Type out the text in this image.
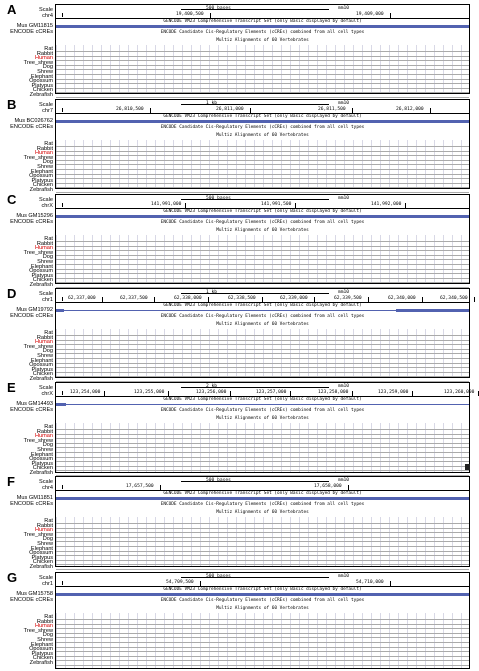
A	Scale
chr4
Mus GM11815
ENCODE cCREs
Rat
Rabbit
Human
Tree_shrew
Dog
Shrew
Elephant
Opossum
Platypus
Chicken
Zebrafish
500 bases	mm10
19,400,500	19,409,000
GENCODE VM23 Comprehensive Transcript Set (only Basic displayed by default)
ENCODE Candidate Cis-Regulatory Elements (cCREs) combined from all cell types
Multiz Alignments of 60 Vertebrates
B	Scale
chr7
Mus BC026762
ENCODE cCREs
Rat
Rabbit
Human
Tree_shrew
Dog
Shrew
Elephant
Opossum
Platypus
Chicken
Zebrafish
1 kb	mm10
26,810,500	26,811,000	26,811,500	26,812,000
GENCODE VM23 Comprehensive Transcript Set (only Basic displayed by default)
ENCODE Candidate Cis-Regulatory Elements (cCREs) combined from all cell types
Multiz Alignments of 60 Vertebrates
C	Scale
chrX
Mus GM15296
ENCODE cCREs
Rat
Rabbit
Human
Tree_shrew
Dog
Shrew
Elephant
Opossum
Platypus
Chicken
Zebrafish
500 bases	mm10
141,991,000	141,991,500	141,992,000
GENCODE VM23 Comprehensive Transcript Set (only Basic displayed by default)
ENCODE Candidate Cis-Regulatory Elements (cCREs) combined from all cell types
Multiz Alignments of 60 Vertebrates
D	Scale
chr1
Mus GM19792
ENCODE cCREs
Rat
Rabbit
Human
Tree_shrew
Dog
Shrew
Elephant
Opossum
Platypus
Chicken
Zebrafish
1 kb	mm10
62,337,000	62,337,500	62,338,000	62,338,500	62,339,000	62,339,500	62,340,000	62,340,500
GENCODE VM23 Comprehensive Transcript Set (only Basic displayed by default)
ENCODE Candidate Cis-Regulatory Elements (cCREs) combined from all cell types
Multiz Alignments of 60 Vertebrates
E	Scale
chrX
Mus GM14493
ENCODE cCREs
Rat
Rabbit
Human
Tree_shrew
Dog
Shrew
Elephant
Opossum
Platypus
Chicken
Zebrafish
2 kb	mm10
123,254,000	123,255,000	123,256,000	123,257,000	123,258,000	123,259,000	123,260,000
GENCODE VM23 Comprehensive Transcript Set (only Basic displayed by default)
ENCODE Candidate Cis-Regulatory Elements (cCREs) combined from all cell types
Multiz Alignments of 60 Vertebrates
F	Scale
chr4
Mus GM11851
ENCODE cCREs
Rat
Rabbit
Human
Tree_shrew
Dog
Shrew
Elephant
Opossum
Platypus
Chicken
Zebrafish
500 bases	mm10
17,657,500	17,658,000
GENCODE VM23 Comprehensive Transcript Set (only Basic displayed by default)
ENCODE Candidate Cis-Regulatory Elements (cCREs) combined from all cell types
Multiz Alignments of 60 Vertebrates
G	Scale
chr1
Mus GM15758
ENCODE cCREs
Rat
Rabbit
Human
Tree_shrew
Dog
Shrew
Elephant
Opossum
Platypus
Chicken
Zebrafish
500 bases	mm10
54,709,500	54,710,000
GENCODE VM23 Comprehensive Transcript Set (only Basic displayed by default)
ENCODE Candidate Cis-Regulatory Elements (cCREs) combined from all cell types
Multiz Alignments of 60 Vertebrates
